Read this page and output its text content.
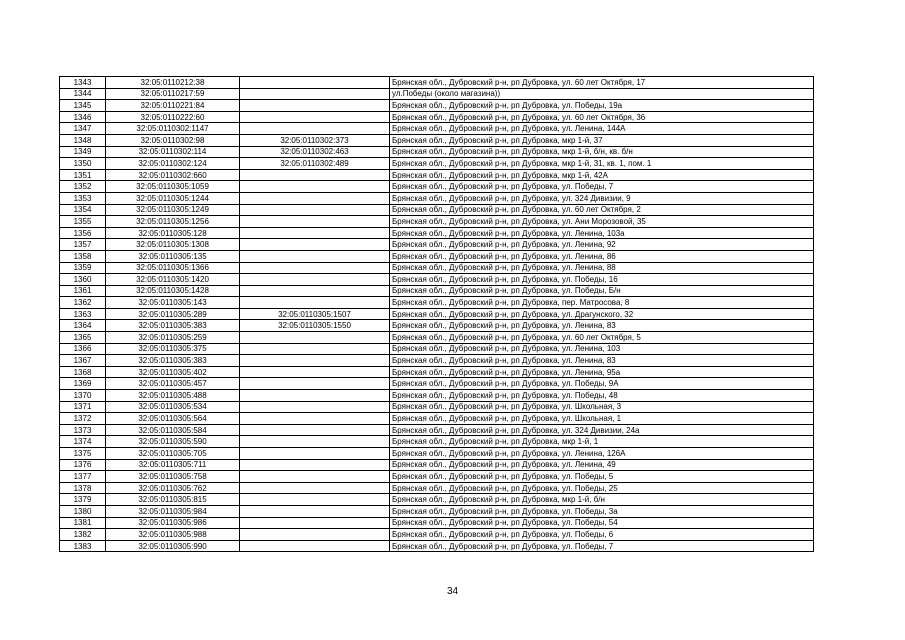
1343	32:05:0110212:38		Брянская обл., Дубровский р-н, рп Дубровка, ул. 60 лет Октября, 17
1344	32:05:0110217:59		ул.Победы (около магазина))
1345	32:05:0110221:84		Брянская обл., Дубровский р-н, рп Дубровка, ул. Победы, 19а
1346	32:05:0110222:60		Брянская обл., Дубровский р-н, рп Дубровка, ул. 60 лет Октября, 36
1347	32:05:0110302:1147		Брянская обл., Дубровский р-н, рп Дубровка, ул. Ленина, 144А
1348	32:05:0110302:98	32:05:0110302:373	Брянская обл., Дубровский р-н, рп Дубровка, мкр 1-й, 37
1349	32:05:0110302:114	32:05:0110302:463	Брянская обл., Дубровский р-н, рп Дубровка, мкр 1-й, б/н, кв. б/н
1350	32:05:0110302:124	32:05:0110302:489	Брянская обл., Дубровский р-н, рп Дубровка, мкр 1-й, 31, кв. 1, пом. 1
1351	32:05:0110302:660		Брянская обл., Дубровский р-н, рп Дубровка, мкр 1-й, 42А
1352	32:05:0110305:1059		Брянская обл., Дубровский р-н, рп Дубровка, ул. Победы, 7
1353	32:05:0110305:1244		Брянская обл., Дубровский р-н, рп Дубровка, ул. 324 Дивизии, 9
1354	32:05:0110305:1249		Брянская обл., Дубровский р-н, рп Дубровка, ул. 60 лет Октября, 2
1355	32:05:0110305:1256		Брянская обл., Дубровский р-н, рп Дубровка, ул. Ани Морозовой, 35
1356	32:05:0110305:128		Брянская обл., Дубровский р-н, рп Дубровка, ул. Ленина, 103а
1357	32:05:0110305:1308		Брянская обл., Дубровский р-н, рп Дубровка, ул. Ленина, 92
1358	32:05:0110305:135		Брянская обл., Дубровский р-н, рп Дубровка, ул. Ленина, 86
1359	32:05:0110305:1366		Брянская обл., Дубровский р-н, рп Дубровка, ул. Ленина, 88
1360	32:05:0110305:1420		Брянская обл., Дубровский р-н, рп Дубровка, ул. Победы, 16
1361	32:05:0110305:1428		Брянская обл., Дубровский р-н, рп Дубровка, ул. Победы, Б/н
1362	32:05:0110305:143		Брянская обл., Дубровский р-н, рп Дубровка, пер. Матросова, 8
1363	32:05:0110305:289	32:05:0110305:1507	Брянская обл., Дубровский р-н, рп Дубровка, ул. Драгунского, 32
1364	32:05:0110305:383	32:05:0110305:1550	Брянская обл., Дубровский р-н, рп Дубровка, ул. Ленина, 83
1365	32:05:0110305:259		Брянская обл., Дубровский р-н, рп Дубровка, ул. 60 лет Октября, 5
1366	32:05:0110305:375		Брянская обл., Дубровский р-н, рп Дубровка, ул. Ленина, 103
1367	32:05:0110305:383		Брянская обл., Дубровский р-н, рп Дубровка, ул. Ленина, 83
1368	32:05:0110305:402		Брянская обл., Дубровский р-н, рп Дубровка, ул. Ленина, 95а
1369	32:05:0110305:457		Брянская обл., Дубровский р-н, рп Дубровка, ул. Победы, 9А
1370	32:05:0110305:488		Брянская обл., Дубровский р-н, рп Дубровка, ул. Победы, 48
1371	32:05:0110305:534		Брянская обл., Дубровский р-н, рп Дубровка, ул. Школьная, 3
1372	32:05:0110305:564		Брянская обл., Дубровский р-н, рп Дубровка, ул. Школьная, 1
1373	32:05:0110305:584		Брянская обл., Дубровский р-н, рп Дубровка, ул. 324 Дивизии, 24а
1374	32:05:0110305:590		Брянская обл., Дубровский р-н, рп Дубровка, мкр 1-й, 1
1375	32:05:0110305:705		Брянская обл., Дубровский р-н, рп Дубровка, ул. Ленина, 126А
1376	32:05:0110305:711		Брянская обл., Дубровский р-н, рп Дубровка, ул. Ленина, 49
1377	32:05:0110305:758		Брянская обл., Дубровский р-н, рп Дубровка, ул. Победы, 5
1378	32:05:0110305:762		Брянская обл., Дубровский р-н, рп Дубровка, ул. Победы, 25
1379	32:05:0110305:815		Брянская обл., Дубровский р-н, рп Дубровка, мкр 1-й, б/н
1380	32:05:0110305:984		Брянская обл., Дубровский р-н, рп Дубровка, ул. Победы, 3а
1381	32:05:0110305:986		Брянская обл., Дубровский р-н, рп Дубровка, ул. Победы, 54
1382	32:05:0110305:988		Брянская обл., Дубровский р-н, рп Дубровка, ул. Победы, 6
1383	32:05:0110305:990		Брянская обл., Дубровский р-н, рп Дубровка, ул. Победы, 7
34
